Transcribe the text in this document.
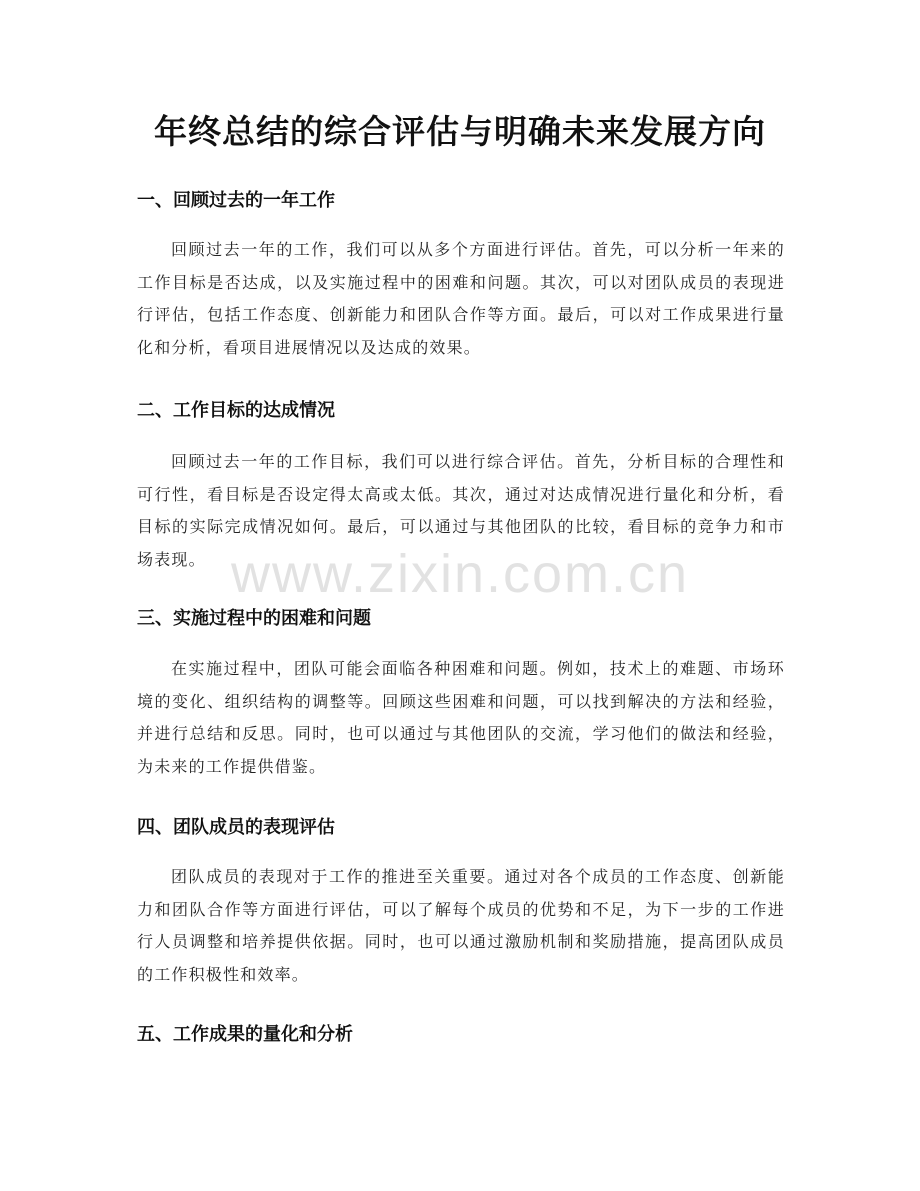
年终总结的综合评估与明确未来发展方向
一、回顾过去的一年工作

回顾过去一年的工作，我们可以从多个方面进行评估。首先，可以分析一年来的工作目标是否达成，以及实施过程中的困难和问题。其次，可以对团队成员的表现进行评估，包括工作态度、创新能力和团队合作等方面。最后，可以对工作成果进行量化和分析，看项目进展情况以及达成的效果。

二、工作目标的达成情况

回顾过去一年的工作目标，我们可以进行综合评估。首先，分析目标的合理性和可行性，看目标是否设定得太高或太低。其次，通过对达成情况进行量化和分析，看目标的实际完成情况如何。最后，可以通过与其他团队的比较，看目标的竞争力和市场表现。

三、实施过程中的困难和问题

在实施过程中，团队可能会面临各种困难和问题。例如，技术上的难题、市场环境的变化、组织结构的调整等。回顾这些困难和问题，可以找到解决的方法和经验，并进行总结和反思。同时，也可以通过与其他团队的交流，学习他们的做法和经验，为未来的工作提供借鉴。

四、团队成员的表现评估

团队成员的表现对于工作的推进至关重要。通过对各个成员的工作态度、创新能力和团队合作等方面进行评估，可以了解每个成员的优势和不足，为下一步的工作进行人员调整和培养提供依据。同时，也可以通过激励机制和奖励措施，提高团队成员的工作积极性和效率。

五、工作成果的量化和分析
www.zixin.com.cn
